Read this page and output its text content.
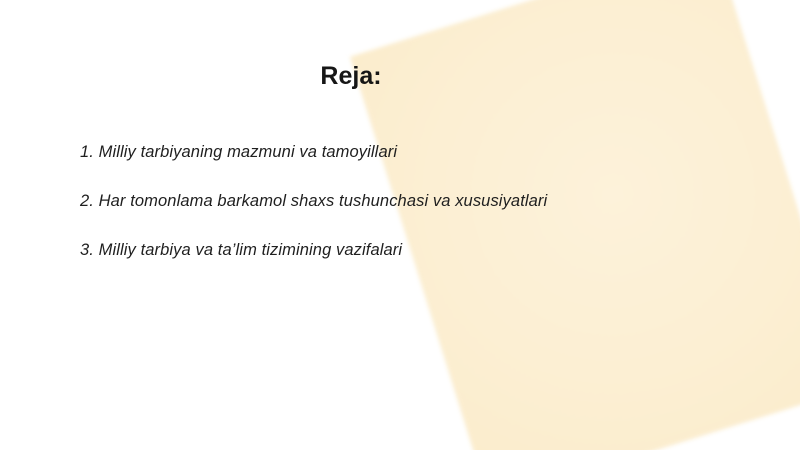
Reja:
1. Milliy tarbiyaning mazmuni va tamoyillari
2. Har tomonlama barkamol shaxs tushunchasi va xususiyatlari
3. Milliy tarbiya va ta’lim tizimining vazifalari
